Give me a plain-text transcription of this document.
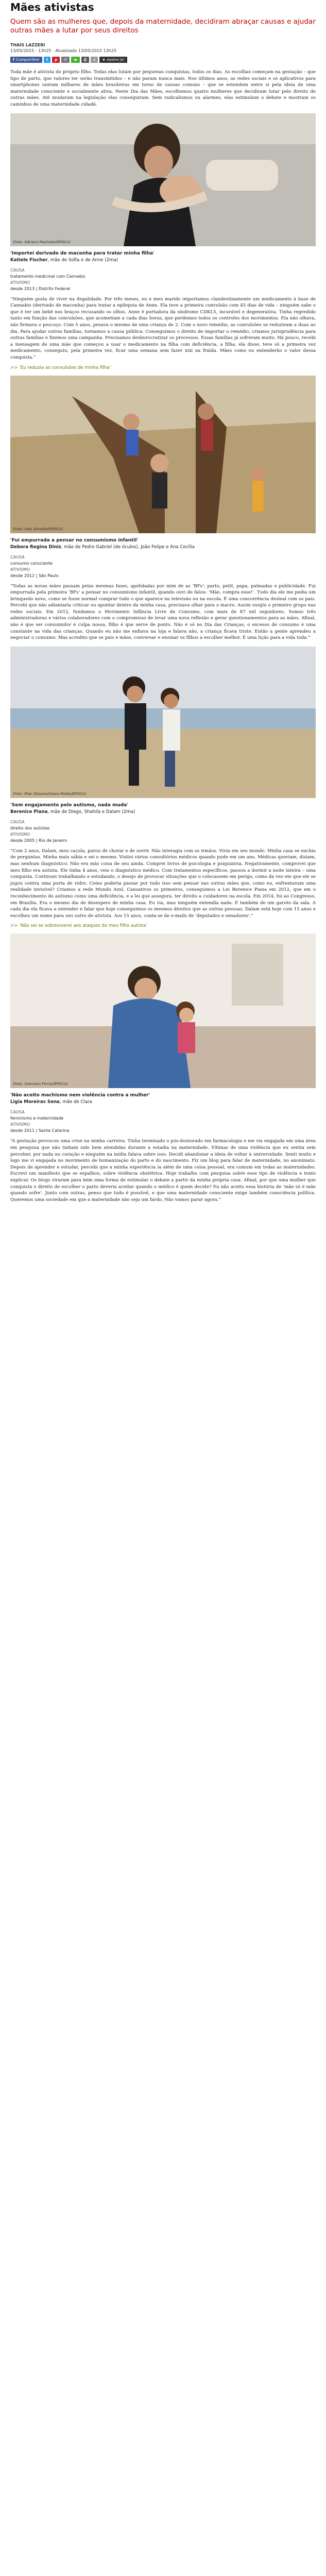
Mães ativistas
Quem são as mulheres que, depois da maternidade, decidiram abraçar causas e ajudar outras mães a lutar por seus direitos
THAIS LAZZERI
13/05/2015 - 13h25 - Atualizado 13/05/2015 13h25
f Compartilhar t p ✉ w ⎙ c ★ Assine já!

Toda mãe é ativista do próprio filho. Todas elas lutam por pequenas conquistas, todos os dias. As escolhas começam na gestação – que tipo de parto, que valores ter serão transmitidos – e não param nunca mais. Nos últimos anos, as redes sociais e os aplicativos para smartphones uniram milhares de mães brasileiras em torno de causas comuns – que se estendem entre si pela ideia de uma maternidade consciente e socialmente ativa. Neste Dia das Mães, escolhemos quatro mulheres que decidiram lutar pelo direito de outras mães. Até mudaram na legislação elas conseguiram. Sem radicalismos ou alarmes, elas estimulam o debate e mostram os caminhos de uma maternidade cidadã.

(Foto: Adriano Machado/ÉPOCA)
'Importei derivado de maconha para tratar minha filha'
Katiele Fischer, mãe de Sofia e de Anne (2ma)
CAUSA
tratamento medicinal com Cannabis
ATIVISMO
desde 2013 | Distrito Federal

“Ninguém gosta de viver na ilegalidade. Por três meses, eu e meu marido importamos clandestinamente um medicamento à base de Cannabis (derivado de maconha) para tratar a epilepsia de Anne. Ela teve a primeira convulsão com 45 dias de vida – ninguém sabe o que é ter um bebê nos braços recusando os olhos. Anne é portadora da síndrome CDKL5, incurável e degenerativa. Tinha regredido tanto em função das convulsões, que acometiam a cada dias horas, que perdemos todos os controles dos movimentos. Ela não olhava, não firmava o pescoço. Com 5 anos, pesava o mesmo de uma criança de 2. Com o novo remédio, as convulsões se reduziram a duas ao dia. Para ajudar outras famílias, tornamos a causa pública. Conseguimos o direito de importar o remédio, criamos jurisprudência para outras famílias e fizemos uma campanha. Precisamos desburocratizar os processos. Essas famílias já sofreram muito. Há pouco, recebi a mensagem de uma mãe que começou a usar o medicamento na filha com deficiência, a filha, ela disse, teve só a primeira vez medicamento, conseguiu, pela primeira vez, ficar uma semana sem fazer xixi na fralda. Mães como eu entenderão o valor dessa conquista.”

>> ‘Eu reduzia as convulsões de minha filha’
(Foto: Alex Almeida/ÉPOCA)
'Fui empurrada a pensar no consumismo infantil'
Debora Regina Diniz, mãe de Pedro Gabriel (de óculos), João Felipe e Ana Cecília
CAUSA
consumo consciente
ATIVISMO
desde 2012 | São Paulo

“Todas as novas mães passam pelas mesmas fases, apelidadas por mim de as ‘BFs’: parto, petit, papa, palmadas e publicidade. Fui empurrada pela primeira ‘BFs’ a pensar no consumismo infantil, quando ouvi de falou: ‘Mãe, compra esse!’. Tudo dia ele me pedia um brinquedo novo, como se fosse normal comprar tudo o que aparece na televisão ou na escola. É uma concorrência desleal com os pais. Percebi que não adiantaria criticar ou apontar dentro da minha casa, precisava olhar para o macro. Assim surgiu o primeiro grupo nas redes sociais. Em 2012, fundamos o Movimento Infância Livre de Consumo, com mais de 87 mil seguidores. Somos três administradoras e vários colaboradores com o compromisso de levar uma nova reflexão e gerar questionamentos para as mães. Afinal, não é que ser consumidor é culpa nossa, filho é que serve de ponto. Não é só no Dia das Crianças, o excesso de consumo é uma constante na vida das crianças. Quando eu não me enfiava na loja e falava não, a criança ficava triste. Então a gente aprendeu a negociar o consumo. Mas acredito que se pais e mães, conversar e ensinar os filhos a escolher melhor. É uma lição para a vida toda.”

(Foto: Pilar Olivares/Hisea Media/ÉPOCA)
'Sem engajamento pelo autismo, nada muda'
Berenice Piana, mãe de Diego, Shahila e Dalam (2ma)
CAUSA
direito dos autistas
ATIVISMO
desde 2005 | Rio de Janeiro

“Com 2 anos, Dalam, meu caçula, parou de chorar e de sorrir. Não interagia com os irmãos. Vivia em seu mundo. Minha casa se enchia de perguntas. Minha mais sábia e sei o mesmo. Visitei vários consultórios médicos quando pude em um ano. Médicas queriam, diziam, mas nenhum diagnóstico. Não era mãs coisa de seu ainda. Comprei livros de psicologia e psiquiatria. Negativamente, comprovei que meu filho era autista. Ele tinha 4 anos, veio o diagnóstico médico. Com tratamentos específicos, passou a dormir a noite inteira – uma conquista. Continuei trabalhando e estudando, o desejo de provocar situações que o colocassem em perigo, como da vez em que ele se jogou contra uma porta de vidro. Como poderia passar por tudo isso sem pensar nas outras mães que, como eu, enfrentavam uma realidade invisível? Criamos a rede Mundo Azul. Cansativos os primeiros, conseguimos a Lei Berenice Piana em 2012, que em o reconhecimento do autismo como uma deficiência, e a lei que assegura, ter direito a cuidadores na escola. Em 2014, fui ao Congresso, em Brasília. Era o mesmo dia de desespero de minha casa. Eu via, mas ninguém entendia nada. E também de um garoto da sala. A cada dia ela ficava a entender e falar que hoje conseguimos os mesmos direitos que as outras pessoas. Dalam está hoje com 15 anos e escolheu um nome para seu outro de ativista. Aos 15 anos, conta-se de e-mails de ‘deputados e senadores’.”

>> ‘Não sei se sobreviverei aos ataques do meu filho autista’
(Foto: Gaeriano Ferraz/ÉPOCA)
'Não aceito machismo nem violência contra a mulher'
Ligia Moreiras Sena, mãe de Clara
CAUSA
feminismo e maternidade
ATIVISMO
desde 2011 | Santa Catarina

“A gestação provocou uma crise na minha carreira. Tinha terminado o pós-doutorado em farmacologia e me via engajada em uma área em pesquisa que não tinham sido bem atendidas durante a estadia na maternidade. Vítimas de uma violência que eu sentia sem perceber, por nada no coração e ninguém na mídia falava sobre isso. Decidi abandonar a ideia de voltar à universidade. Senti muito e logo me vi engajada no movimento de humanização do parto e do nascimento. Fiz um blog para falar de maternidade, no anonimato. Depois de aprender e estudar, percebi que a minha experiência ia além de uma coisa pessoal, era comum em todas as maternidades. Escrevi um manifesto que se espalhou, sobre violência obstétrica. Hoje trabalho com pesquisa sobre esse tipo de violência e tento explicar. Os blogs viraram para mim uma forma de estimular o debate a partir da minha própria casa. Afinal, por que uma mulher que conquista o direito de escolher o parto deveria aceitar quando o médico é quem decide? Eu não aceito essa história de ‘mãe só é mãe quando sofre’. Junto com outras, penso que tudo é possível, e que uma maternidade consciente exige também consciência política. Queremos uma sociedade em que a maternidade não seja um fardo. Não vamos parar agora.”
